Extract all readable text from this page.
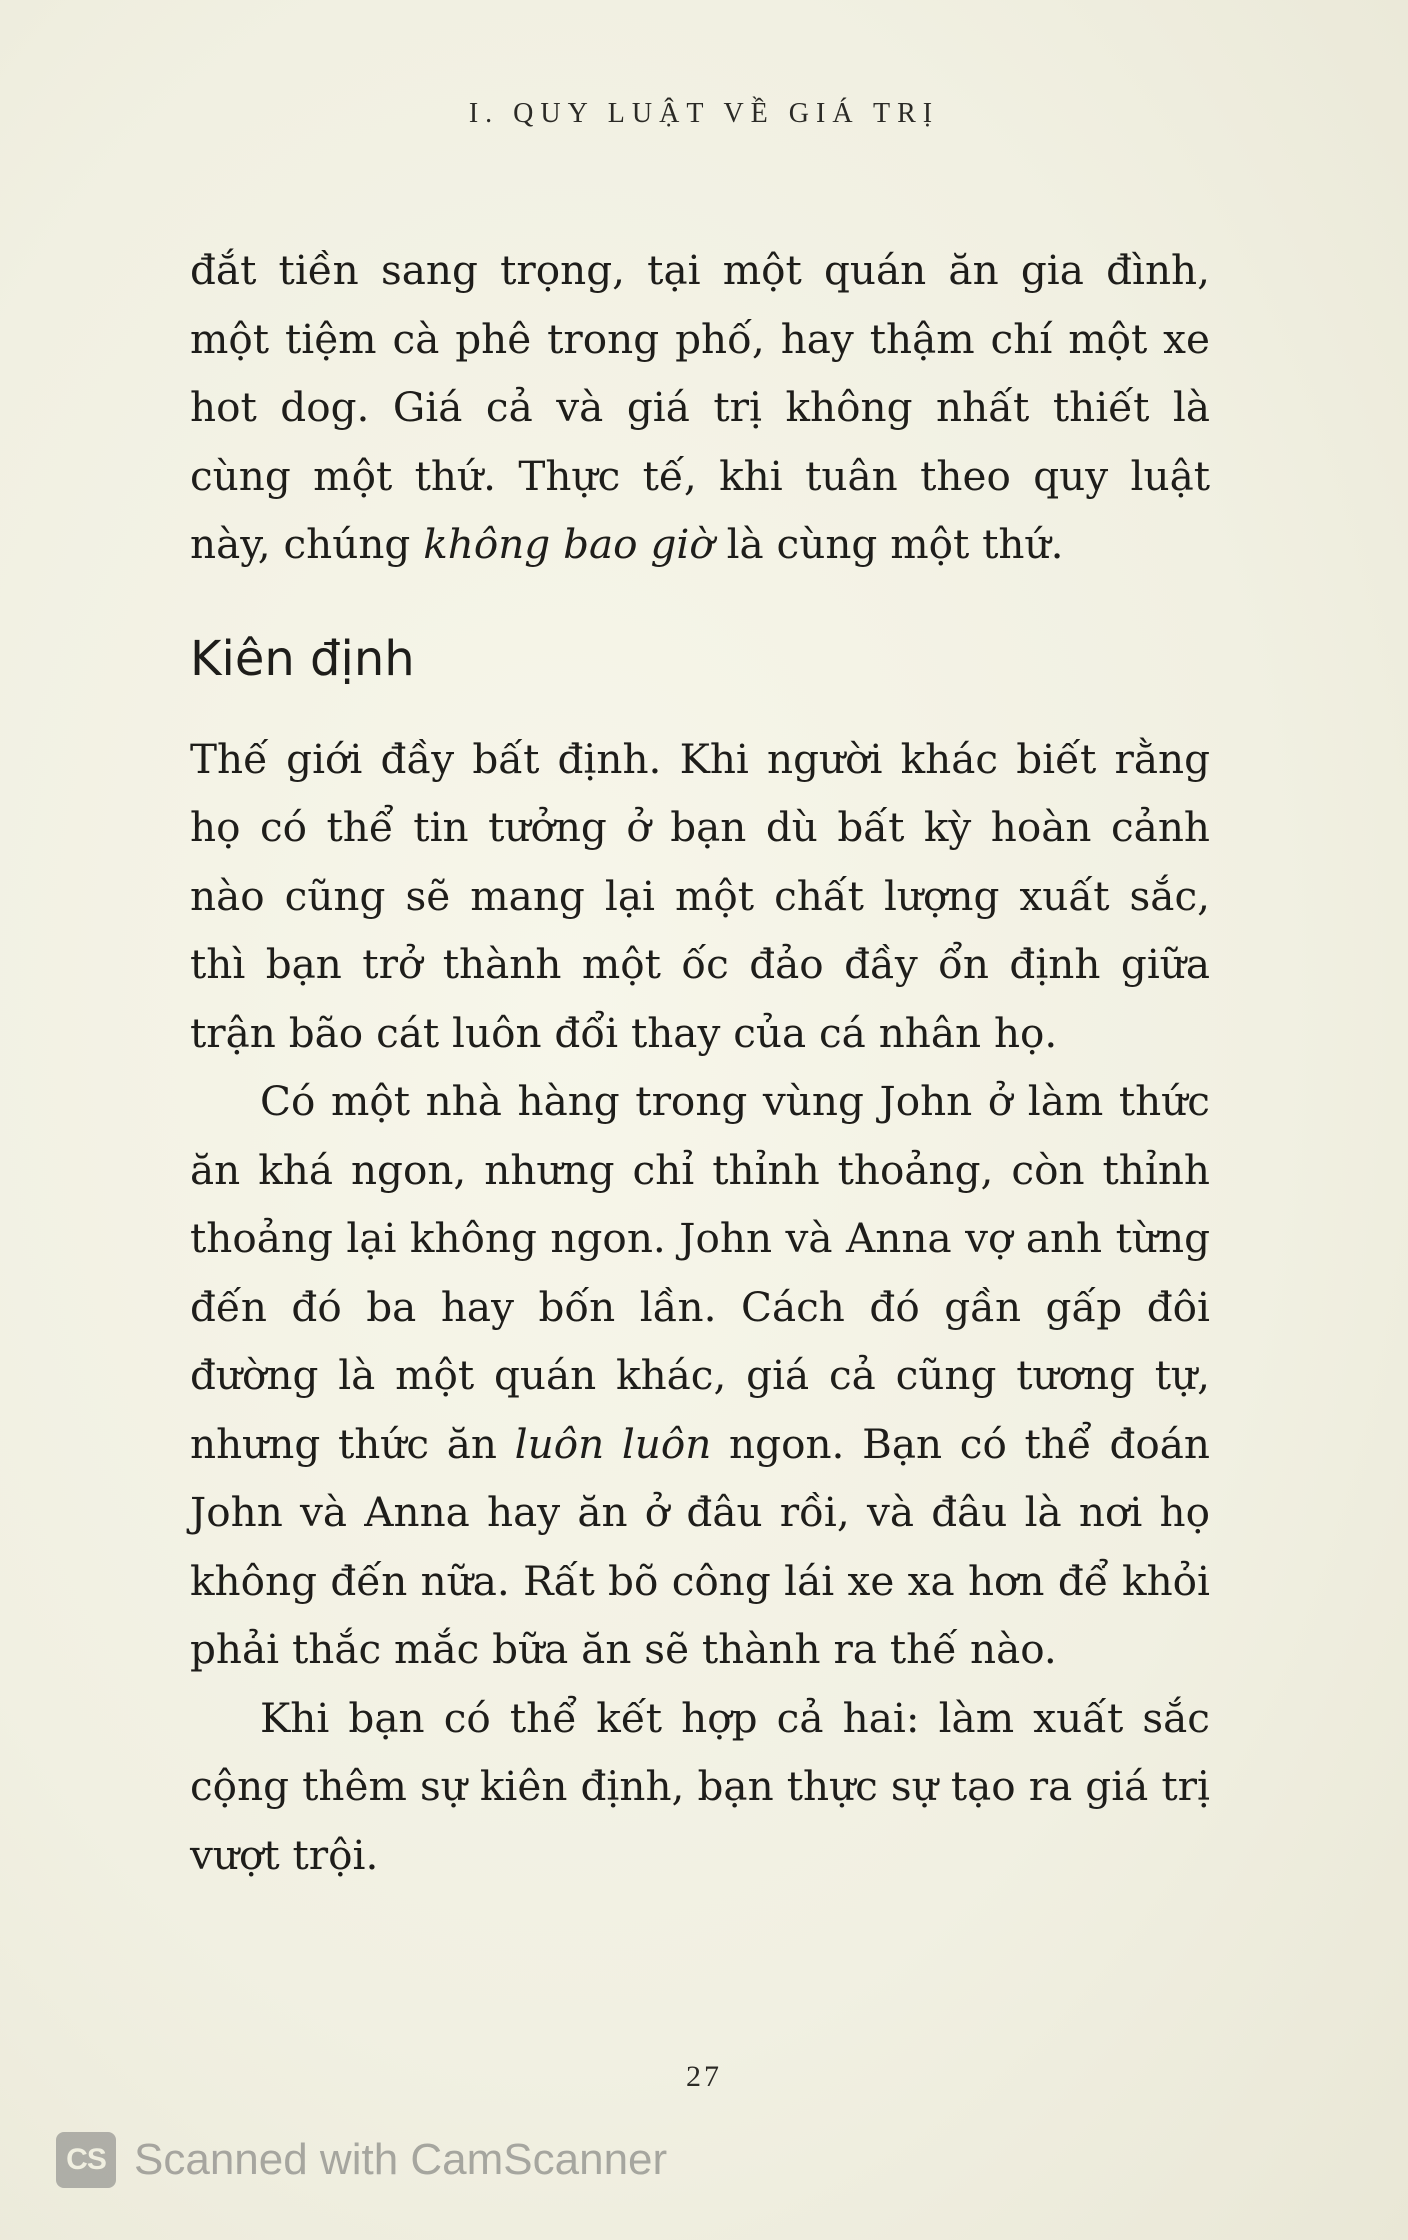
I. QUY LUẬT VỀ GIÁ TRỊ

đắt tiền sang trọng, tại một quán ăn gia đình, một tiệm cà phê trong phố, hay thậm chí một xe hot dog. Giá cả và giá trị không nhất thiết là cùng một thứ. Thực tế, khi tuân theo quy luật này, chúng không bao giờ là cùng một thứ.

Kiên định

Thế giới đầy bất định. Khi người khác biết rằng họ có thể tin tưởng ở bạn dù bất kỳ hoàn cảnh nào cũng sẽ mang lại một chất lượng xuất sắc, thì bạn trở thành một ốc đảo đầy ổn định giữa trận bão cát luôn đổi thay của cá nhân họ.

Có một nhà hàng trong vùng John ở làm thức ăn khá ngon, nhưng chỉ thỉnh thoảng, còn thỉnh thoảng lại không ngon. John và Anna vợ anh từng đến đó ba hay bốn lần. Cách đó gần gấp đôi đường là một quán khác, giá cả cũng tương tự, nhưng thức ăn luôn luôn ngon. Bạn có thể đoán John và Anna hay ăn ở đâu rồi, và đâu là nơi họ không đến nữa. Rất bõ công lái xe xa hơn để khỏi phải thắc mắc bữa ăn sẽ thành ra thế nào.

Khi bạn có thể kết hợp cả hai: làm xuất sắc cộng thêm sự kiên định, bạn thực sự tạo ra giá trị vượt trội.

27
CS Scanned with CamScanner
